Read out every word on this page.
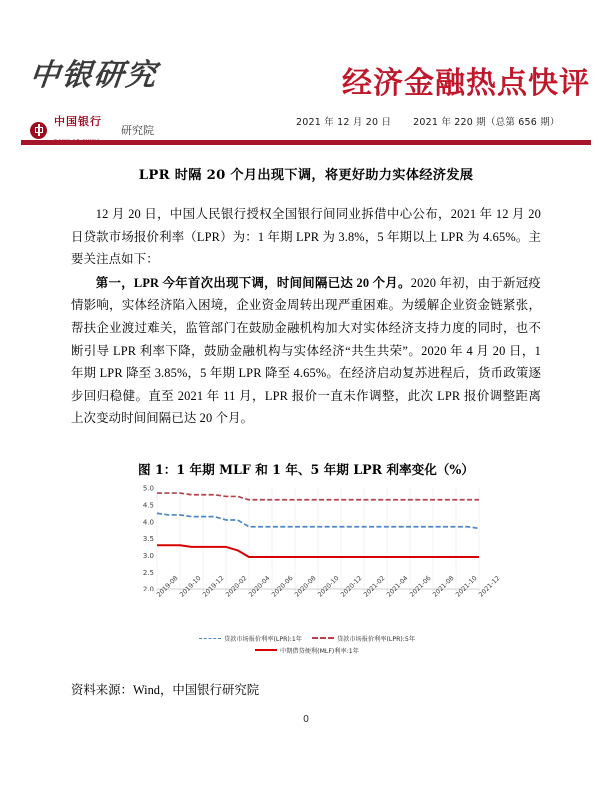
中银研究	经济金融热点快评
中国银行

研究院
2021 年 12 月 20 日 2021 年 220 期（总第 656 期）
LPR 时隔 20 个月出现下调，将更好助力实体经济发展

12 月 20 日，中国人民银行授权全国银行间同业拆借中心公布，2021 年 12 月 20 日贷款市场报价利率（LPR）为：1 年期 LPR 为 3.8%，5 年期以上 LPR 为 4.65%。主要关注点如下：

第一，LPR 今年首次出现下调，时间间隔已达 20 个月。2020 年初，由于新冠疫情影响，实体经济陷入困境，企业资金周转出现严重困难。为缓解企业资金链紧张，帮扶企业渡过难关，监管部门在鼓励金融机构加大对实体经济支持力度的同时，也不断引导 LPR 利率下降，鼓励金融机构与实体经济“共生共荣”。2020 年 4 月 20 日，1 年期 LPR 降至 3.85%，5 年期 LPR 降至 4.65%。在经济启动复苏进程后，货币政策逐步回归稳健。直至 2021 年 11 月，LPR 报价一直未作调整，此次 LPR 报价调整距离上次变动时间间隔已达 20 个月。

图 1：1 年期 MLF 和 1 年、5 年期 LPR 利率变化（%）
2.0
2.5
3.0
3.5
4.0
4.5
5.0
2019-08
2019-10
2019-12
2020-02
2020-04
2020-06
2020-08
2020-10
2020-12
2021-02
2021-04
2021-06
2021-08
2021-10
2021-12
贷款市场报价利率(LPR):1年	贷款市场报价利率(LPR):5年
中期借贷便利(MLF)利率:1年
资料来源：Wind，中国银行研究院
0
